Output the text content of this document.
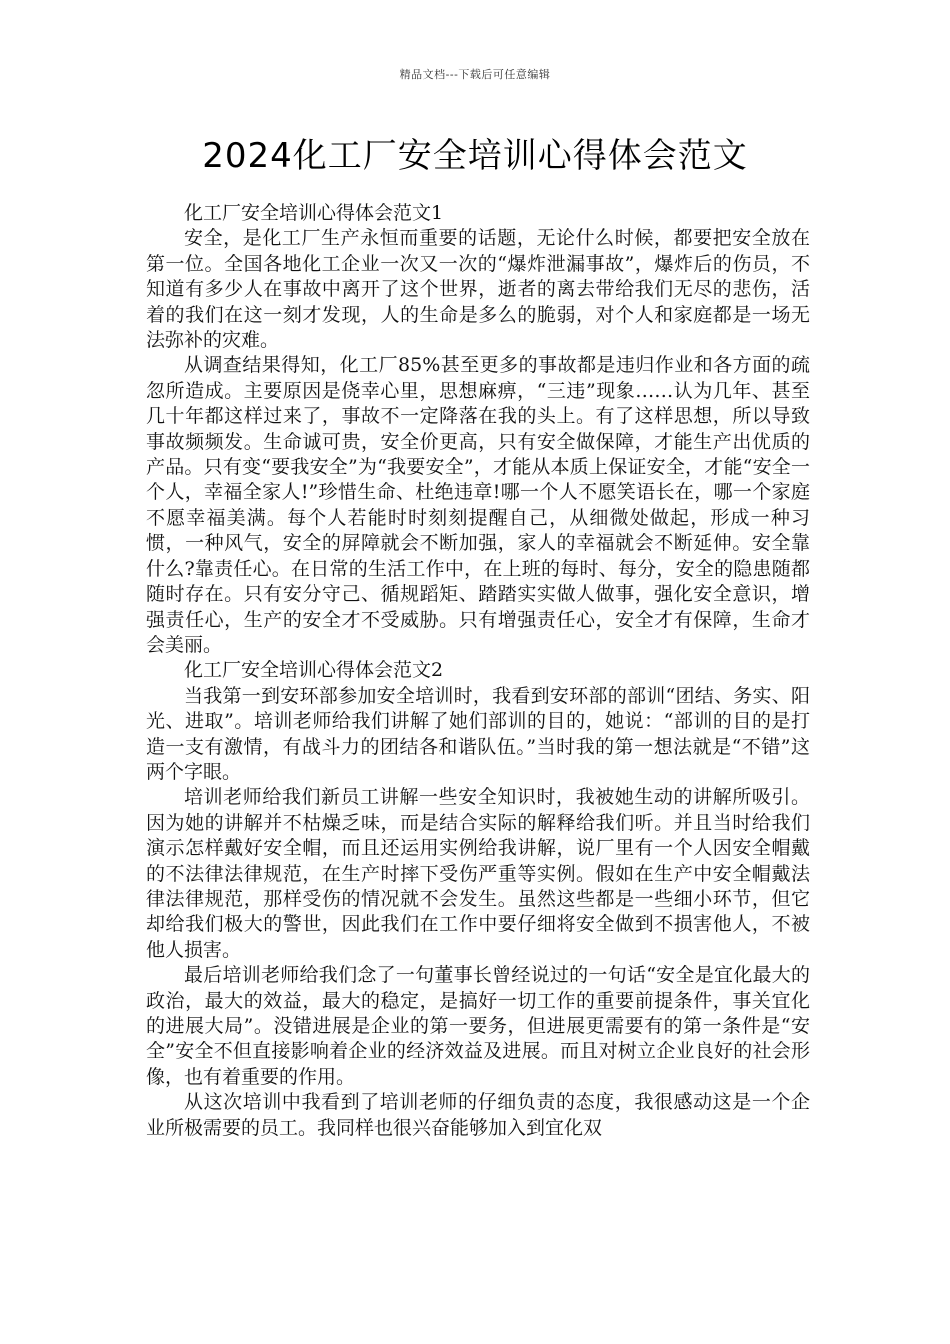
精品文档---下载后可任意编辑
2024化工厂安全培训心得体会范文

化工厂安全培训心得体会范文1

安全，是化工厂生产永恒而重要的话题，无论什么时候，都要把安全放在第一位。全国各地化工企业一次又一次的“爆炸泄漏事故”，爆炸后的伤员，不知道有多少人在事故中离开了这个世界，逝者的离去带给我们无尽的悲伤，活着的我们在这一刻才发现，人的生命是多么的脆弱，对个人和家庭都是一场无法弥补的灾难。

从调查结果得知，化工厂85%甚至更多的事故都是违归作业和各方面的疏忽所造成。主要原因是侥幸心里，思想麻痹，“三违”现象……认为几年、甚至几十年都这样过来了，事故不一定降落在我的头上。有了这样思想，所以导致事故频频发。生命诚可贵，安全价更高，只有安全做保障，才能生产出优质的产品。只有变“要我安全”为“我要安全”，才能从本质上保证安全，才能“安全一个人，幸福全家人!”珍惜生命、杜绝违章!哪一个人不愿笑语长在，哪一个家庭不愿幸福美满。每个人若能时时刻刻提醒自己，从细微处做起，形成一种习惯，一种风气，安全的屏障就会不断加强，家人的幸福就会不断延伸。安全靠什么?靠责任心。在日常的生活工作中，在上班的每时、每分，安全的隐患随都随时存在。只有安分守己、循规蹈矩、踏踏实实做人做事，强化安全意识，增强责任心，生产的安全才不受威胁。只有增强责任心，安全才有保障，生命才会美丽。

化工厂安全培训心得体会范文2

当我第一到安环部参加安全培训时，我看到安环部的部训“团结、务实、阳光、进取”。培训老师给我们讲解了她们部训的目的，她说：“部训的目的是打造一支有激情，有战斗力的团结各和谐队伍。”当时我的第一想法就是“不错”这两个字眼。

培训老师给我们新员工讲解一些安全知识时，我被她生动的讲解所吸引。因为她的讲解并不枯燥乏味，而是结合实际的解释给我们听。并且当时给我们演示怎样戴好安全帽，而且还运用实例给我讲解，说厂里有一个人因安全帽戴的不法律法律规范，在生产时摔下受伤严重等实例。假如在生产中安全帽戴法律法律规范，那样受伤的情况就不会发生。虽然这些都是一些细小环节，但它却给我们极大的警世，因此我们在工作中要仔细将安全做到不损害他人，不被他人损害。

最后培训老师给我们念了一句董事长曾经说过的一句话“安全是宜化最大的政治，最大的效益，最大的稳定，是搞好一切工作的重要前提条件，事关宜化的进展大局”。没错进展是企业的第一要务，但进展更需要有的第一条件是“安全”安全不但直接影响着企业的经济效益及进展。而且对树立企业良好的社会形像，也有着重要的作用。

从这次培训中我看到了培训老师的仔细负责的态度，我很感动这是一个企业所极需要的员工。我同样也很兴奋能够加入到宜化双
